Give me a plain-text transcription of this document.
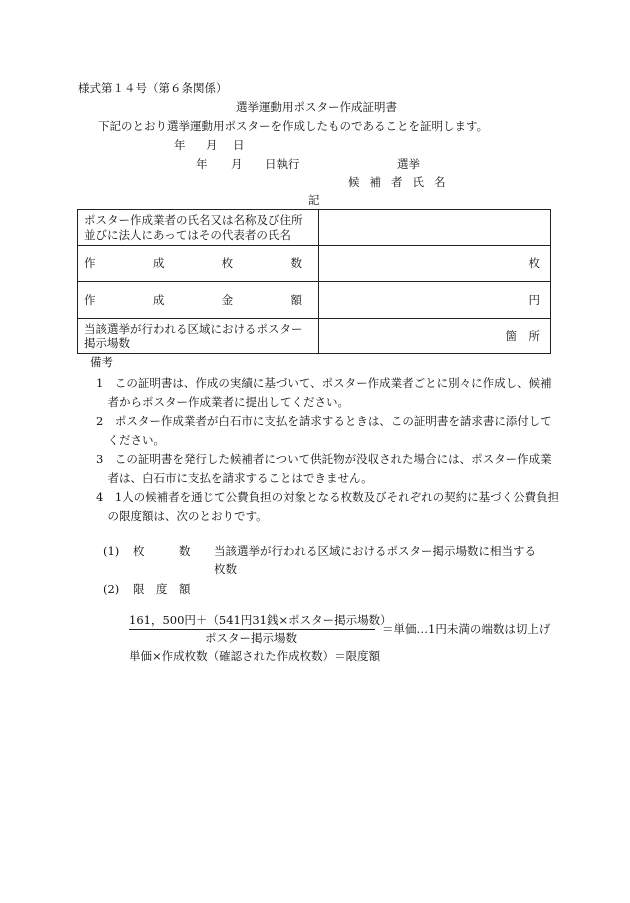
様式第１４号（第６条関係）
選挙運動用ポスター作成証明書
下記のとおり選挙運動用ポスターを作成したものであることを証明します。
年 月 日
年 月 日執行	選挙
候補者氏名
記
ポスター作成業者の氏名又は名称及び住所
並びに法人にあってはその代表者の氏名	

作 成 枚 数	枚

作 成 金 額	円

当該選挙が行われる区域におけるポスター
掲示場数	箇　所
備考
1　この証明書は、作成の実績に基づいて、ポスター作成業者ごとに別々に作成し、候補者からポスター作成業者に提出してください。
2　ポスター作成業者が白石市に支払を請求するときは、この証明書を請求書に添付してください。
3　この証明書を発行した候補者について供託物が没収された場合には、ポスター作成業者は、白石市に支払を請求することはできません。
4　1人の候補者を通じて公費負担の対象となる枚数及びそれぞれの契約に基づく公費負担の限度額は、次のとおりです。
(1) 枚　　　数 当該選挙が行われる区域におけるポスター掲示場数に相当する
枚数
(2) 限　度　額
161，500円＋（541円31銭×ポスター掲示場数）
ポスター掲示場数
＝単価…1円未満の端数は切上げ
単価×作成枚数（確認された作成枚数）＝限度額
